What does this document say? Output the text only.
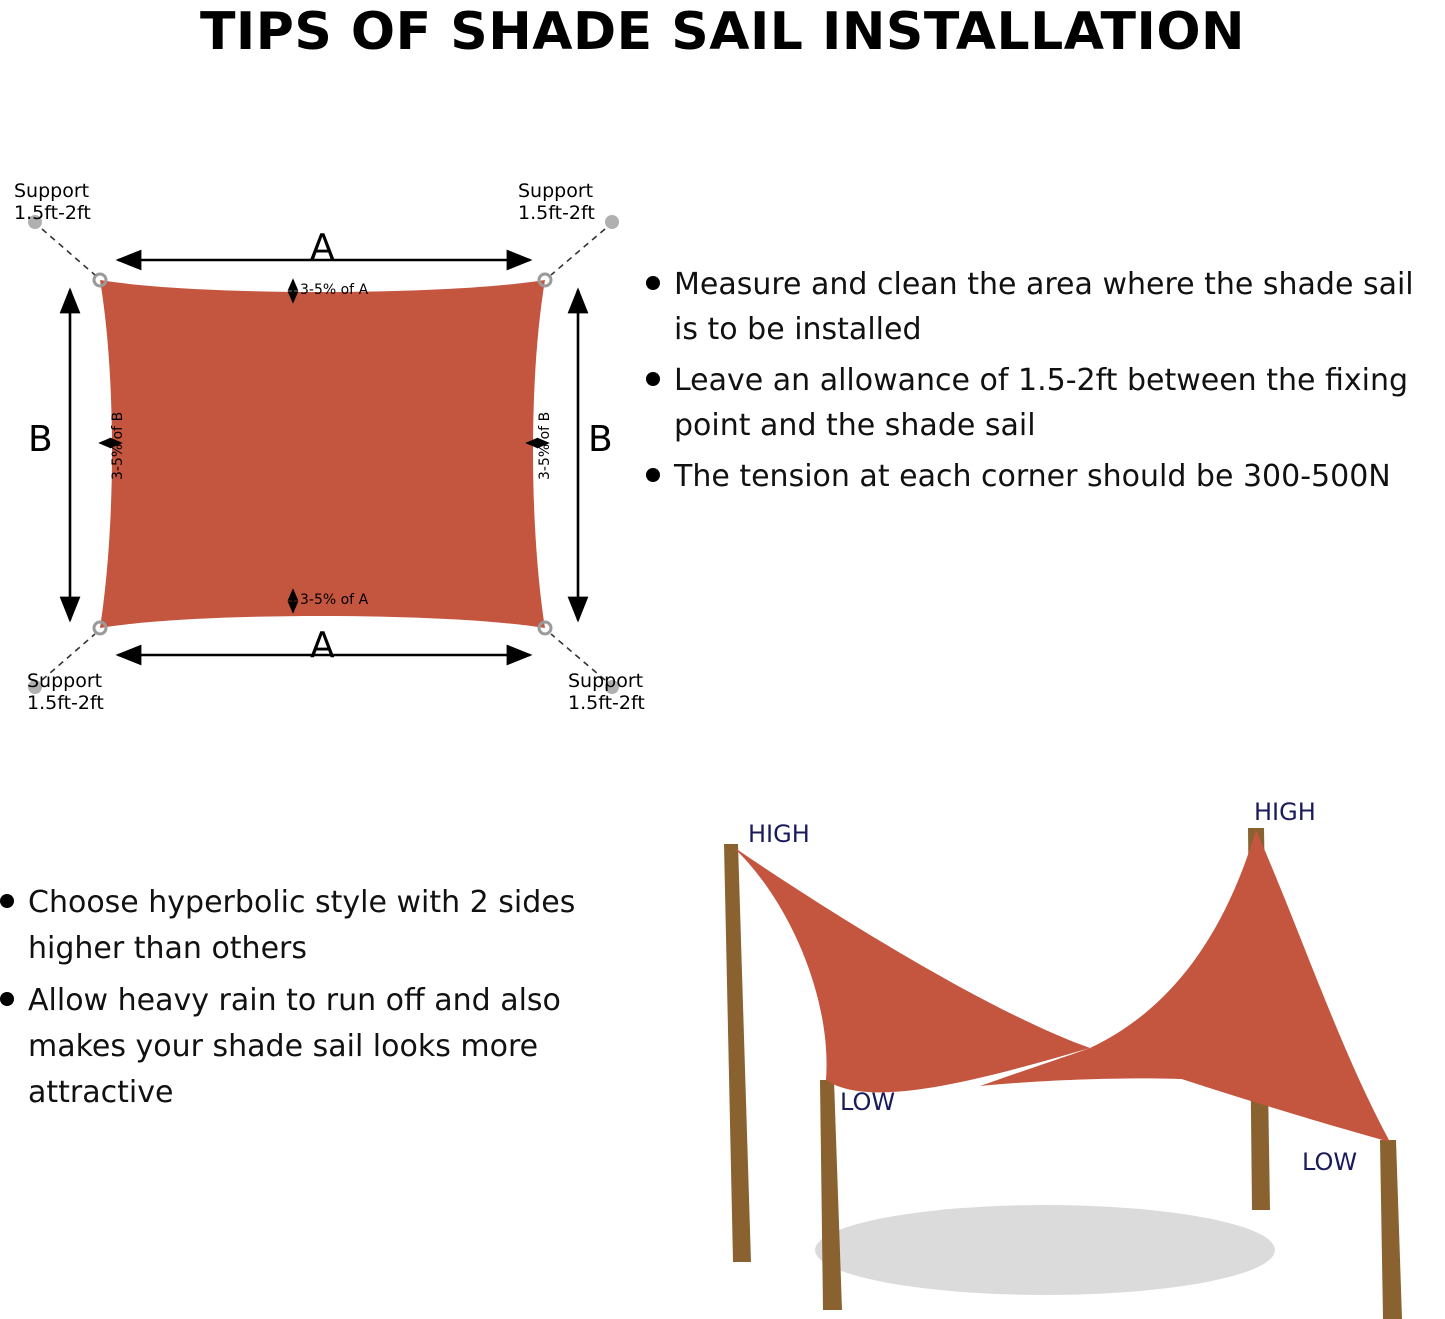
TIPS OF SHADE SAIL INSTALLATION
Support
1.5ft-2ft
Support
1.5ft-2ft
Support
1.5ft-2ft
Support
1.5ft-2ft
A
A
B	B
3-5% of A
3-5% of A
3-5% of B	3-5% of B
Measure and clean the area where the shade sail is to be installed
Leave an allowance of 1.5-2ft between the fixing point and the shade sail
The tension at each corner should be 300-500N
Choose hyperbolic style with 2 sides higher than others
Allow heavy rain to run off and also makes your shade sail looks more attractive
HIGH
HIGH
LOW
LOW
